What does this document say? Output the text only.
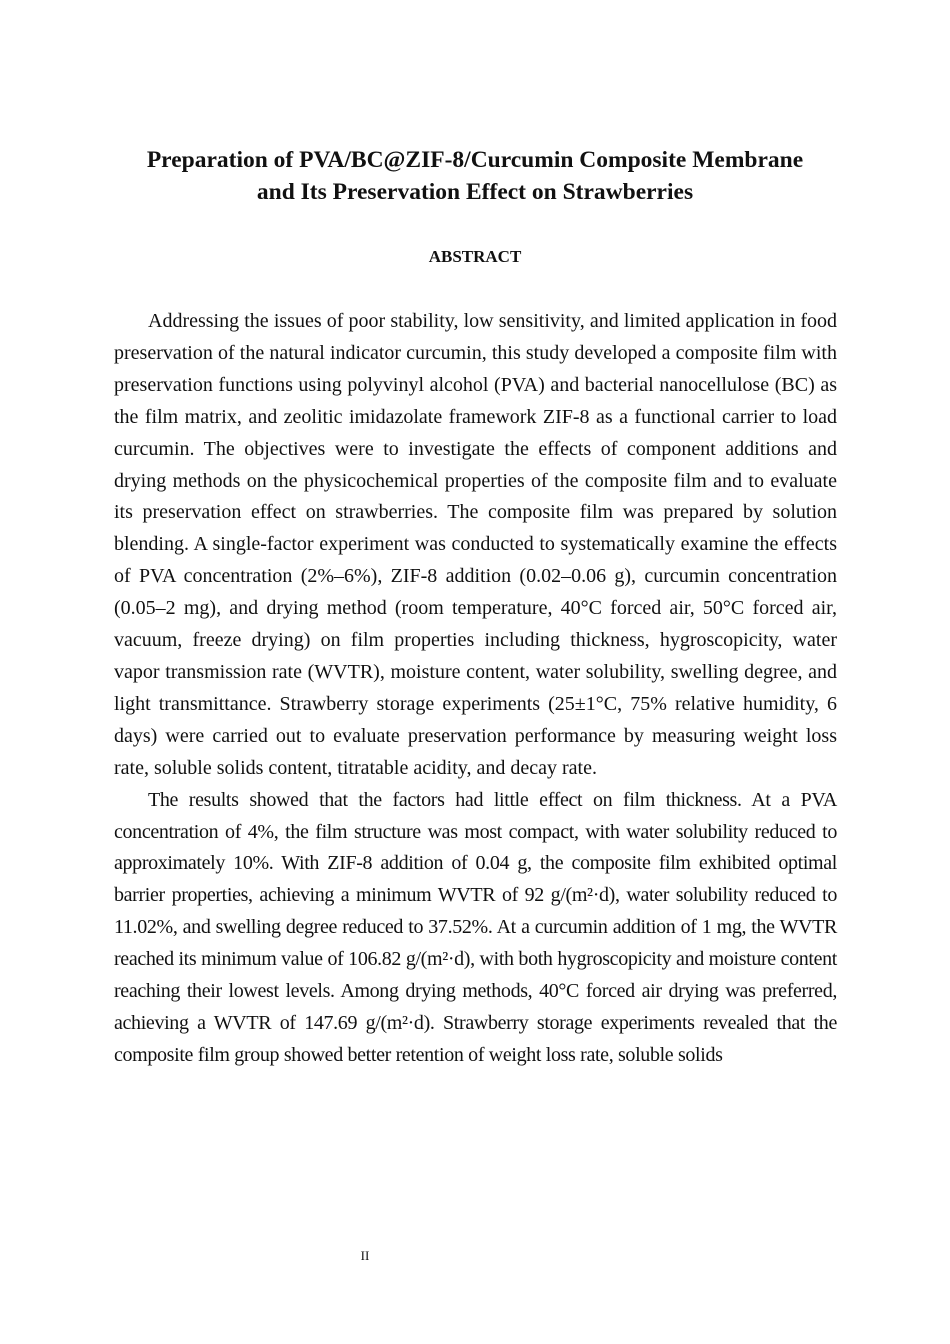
Preparation of PVA/BC@ZIF-8/Curcumin Composite Membrane
and Its Preservation Effect on Strawberries
ABSTRACT

Addressing the issues of poor stability, low sensitivity, and limited application in food preservation of the natural indicator curcumin, this study developed a composite film with preservation functions using polyvinyl alcohol (PVA) and bacterial nanocellulose (BC) as the film matrix, and zeolitic imidazolate framework ZIF-8 as a functional carrier to load curcumin. The objectives were to investigate the effects of component additions and drying methods on the physicochemical properties of the composite film and to evaluate its preservation effect on strawberries. The composite film was prepared by solution blending. A single-factor experiment was conducted to systematically examine the effects of PVA concentration (2%–6%), ZIF-8 addition (0.02–0.06 g), curcumin concentration (0.05–2 mg), and drying method (room temperature, 40°C forced air, 50°C forced air, vacuum, freeze drying) on film properties including thickness, hygroscopicity, water vapor transmission rate (WVTR), moisture content, water solubility, swelling degree, and light transmittance. Strawberry storage experiments (25±1°C, 75% relative humidity, 6 days) were carried out to evaluate preservation performance by measuring weight loss rate, soluble solids content, titratable acidity, and decay rate.

The results showed that the factors had little effect on film thickness. At a PVA concentration of 4%, the film structure was most compact, with water solubility reduced to approximately 10%. With ZIF-8 addition of 0.04 g, the composite film exhibited optimal barrier properties, achieving a minimum WVTR of 92 g/(m²·d), water solubility reduced to 11.02%, and swelling degree reduced to 37.52%. At a curcumin addition of 1 mg, the WVTR reached its minimum value of 106.82 g/(m²·d), with both hygroscopicity and moisture content reaching their lowest levels. Among drying methods, 40°C forced air drying was preferred, achieving a WVTR of 147.69 g/(m²·d). Strawberry storage experiments revealed that the composite film group showed better retention of weight loss rate, soluble solids

II
